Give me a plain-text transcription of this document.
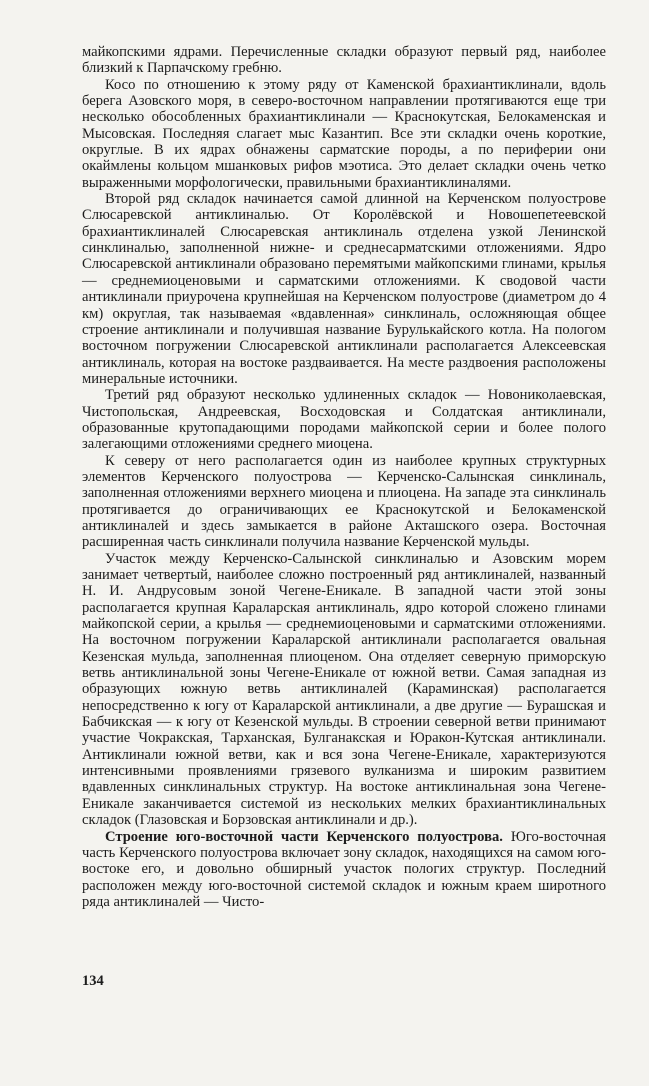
майкопскими ядрами. Перечисленные складки образуют первый ряд, наиболее близкий к Парпачскому гребню.

Косо по отношению к этому ряду от Каменской брахиантиклинали, вдоль берега Азовского моря, в северо-восточном направлении протягиваются еще три несколько обособленных брахиантиклинали — Краснокутская, Белокаменская и Мысовская. Последняя слагает мыс Казантип. Все эти складки очень короткие, округлые. В их ядрах обнажены сарматские породы, а по периферии они окаймлены кольцом мшанковых рифов мэотиса. Это делает складки очень четко выраженными морфологически, правильными брахиантиклиналями.

Второй ряд складок начинается самой длинной на Керченском полуострове Слюсаревской антиклиналью. От Королёвской и Новошепетеевской брахиантиклиналей Слюсаревская антиклиналь отделена узкой Ленинской синклиналью, заполненной нижне- и среднесарматскими отложениями. Ядро Слюсаревской антиклинали образовано перемятыми майкопскими глинами, крылья — среднемиоценовыми и сарматскими отложениями. К сводовой части антиклинали приурочена крупнейшая на Керченском полуострове (диаметром до 4 км) округлая, так называемая «вдавленная» синклиналь, осложняющая общее строение антиклинали и получившая название Бурулькайского котла. На пологом восточном погружении Слюсаревской антиклинали располагается Алексеевская антиклиналь, которая на востоке раздваивается. На месте раздвоения расположены минеральные источники.

Третий ряд образуют несколько удлиненных складок — Новониколаевская, Чистопольская, Андреевская, Восходовская и Солдатская антиклинали, образованные крутопадающими породами майкопской серии и более полого залегающими отложениями среднего миоцена.

К северу от него располагается один из наиболее крупных структурных элементов Керченского полуострова — Керченско-Салынская синклиналь, заполненная отложениями верхнего миоцена и плиоцена. На западе эта синклиналь протягивается до ограничивающих ее Краснокутской и Белокаменской антиклиналей и здесь замыкается в районе Акташского озера. Восточная расширенная часть синклинали получила название Керченской мульды.

Участок между Керченско-Салынской синклиналью и Азовским морем занимает четвертый, наиболее сложно построенный ряд антиклиналей, названный Н. И. Андрусовым зоной Чегене-Еникале. В западной части этой зоны располагается крупная Караларская антиклиналь, ядро которой сложено глинами майкопской серии, а крылья — среднемиоценовыми и сарматскими отложениями. На восточном погружении Караларской антиклинали располагается овальная Кезенская мульда, заполненная плиоценом. Она отделяет северную приморскую ветвь антиклинальной зоны Чегене-Еникале от южной ветви. Самая западная из образующих южную ветвь антиклиналей (Караминская) располагается непосредственно к югу от Караларской антиклинали, а две другие — Бурашская и Бабчикская — к югу от Кезенской мульды. В строении северной ветви принимают участие Чокракская, Тарханская, Булганакская и Юракон-Кутская антиклинали. Антиклинали южной ветви, как и вся зона Чегене-Еникале, характеризуются интенсивными проявлениями грязевого вулканизма и широким развитием вдавленных синклинальных структур. На востоке антиклинальная зона Чегене-Еникале заканчивается системой из нескольких мелких брахиантиклинальных складок (Глазовская и Борзовская антиклинали и др.).

Строение юго-восточной части Керченского полуострова. Юго-восточная часть Керченского полуострова включает зону складок, находящихся на самом юго-востоке его, и довольно обширный участок пологих структур. Последний расположен между юго-восточной системой складок и южным краем широтного ряда антиклиналей — Чисто-

134
